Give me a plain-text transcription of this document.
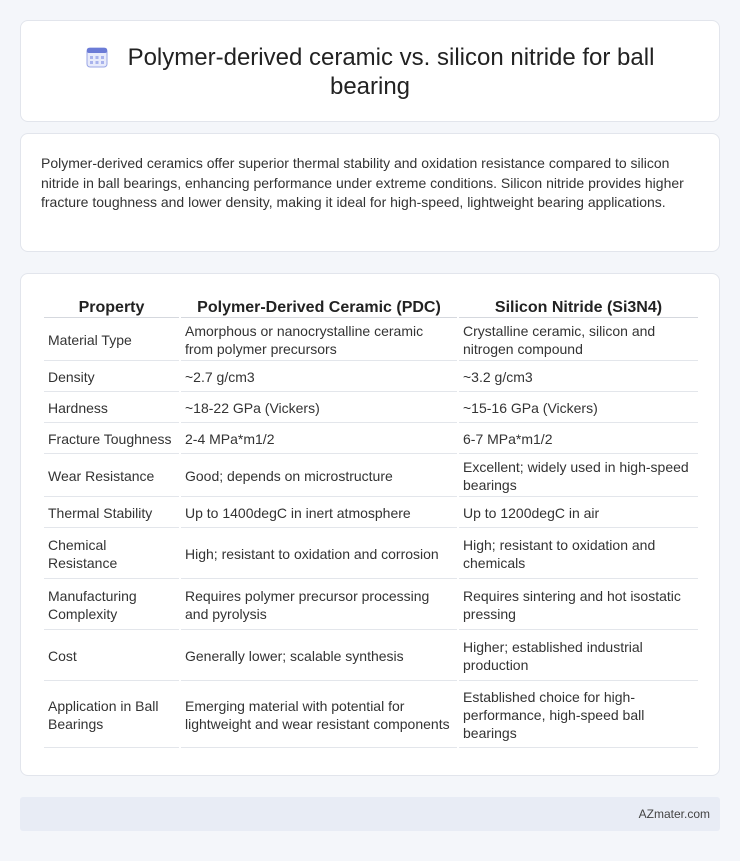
Polymer-derived ceramic vs. silicon nitride for ball bearing

Polymer-derived ceramics offer superior thermal stability and oxidation resistance compared to silicon nitride in ball bearings, enhancing performance under extreme conditions. Silicon nitride provides higher fracture toughness and lower density, making it ideal for high-speed, lightweight bearing applications.

Property	Polymer-Derived Ceramic (PDC)	Silicon Nitride (Si3N4)
Material Type	Amorphous or nanocrystalline ceramic from polymer precursors	Crystalline ceramic, silicon and nitrogen compound
Density	~2.7 g/cm3	~3.2 g/cm3
Hardness	~18-22 GPa (Vickers)	~15-16 GPa (Vickers)
Fracture Toughness	2-4 MPa*m1/2	6-7 MPa*m1/2
Wear Resistance	Good; depends on microstructure	Excellent; widely used in high-speed bearings
Thermal Stability	Up to 1400degC in inert atmosphere	Up to 1200degC in air
Chemical Resistance	High; resistant to oxidation and corrosion	High; resistant to oxidation and chemicals
Manufacturing Complexity	Requires polymer precursor processing and pyrolysis	Requires sintering and hot isostatic pressing
Cost	Generally lower; scalable synthesis	Higher; established industrial production
Application in Ball Bearings	Emerging material with potential for lightweight and wear resistant components	Established choice for high-performance, high-speed ball bearings
AZmater.com
